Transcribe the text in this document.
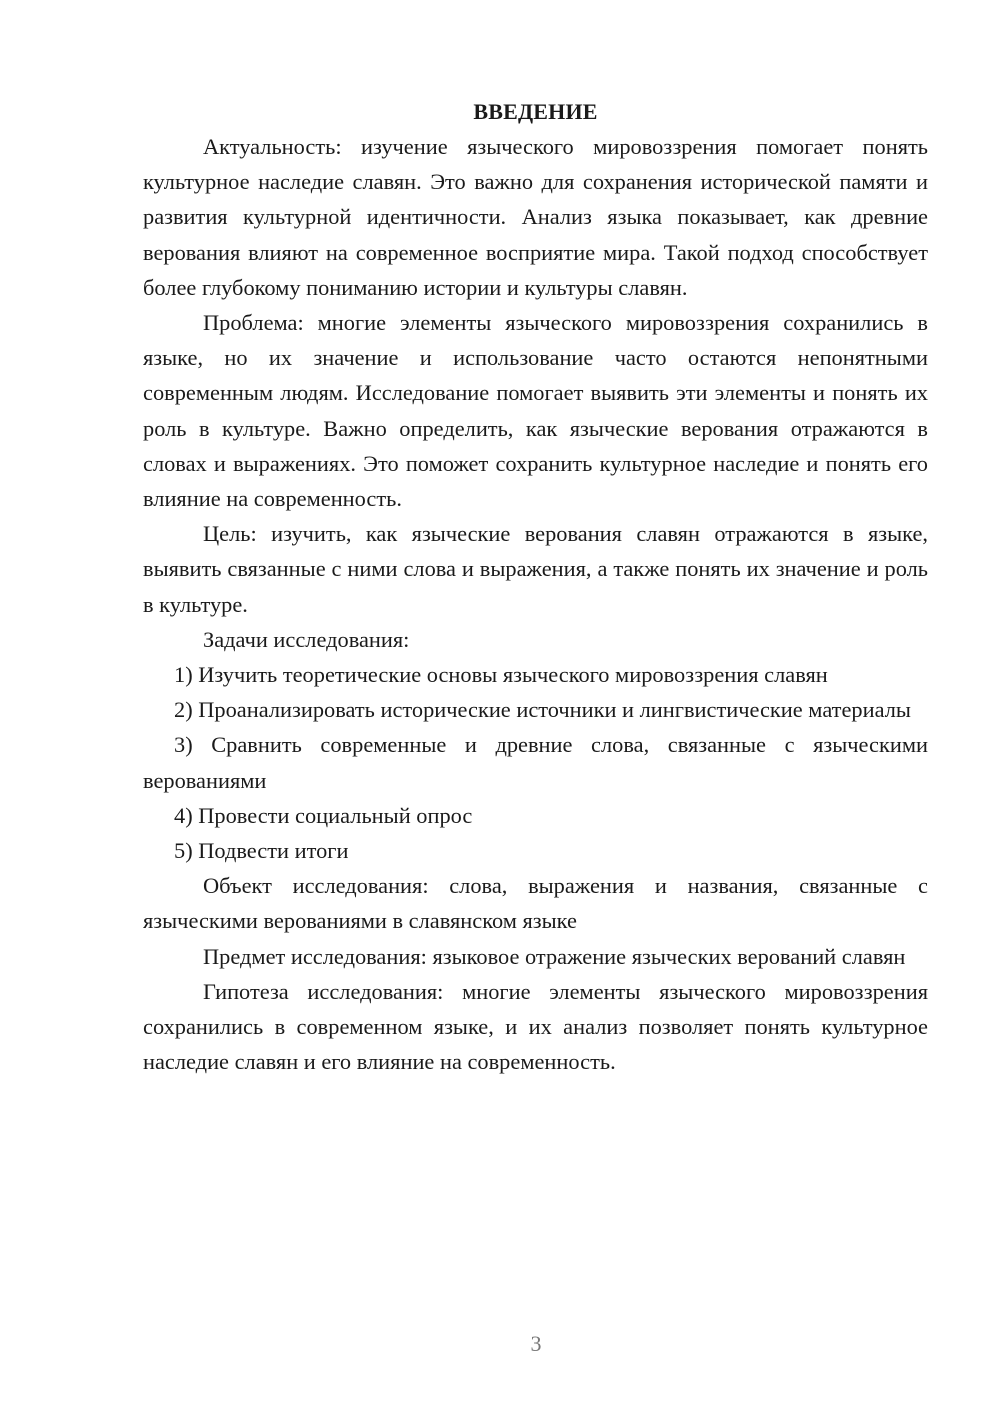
ВВЕДЕНИЕ

Актуальность: изучение языческого мировоззрения помогает понять культурное наследие славян. Это важно для сохранения исторической памяти и развития культурной идентичности. Анализ языка показывает, как древние верования влияют на современное восприятие мира. Такой подход способствует более глубокому пониманию истории и культуры славян.

Проблема: многие элементы языческого мировоззрения сохранились в языке, но их значение и использование часто остаются непонятными современным людям. Исследование помогает выявить эти элементы и понять их роль в культуре. Важно определить, как языческие верования отражаются в словах и выражениях. Это поможет сохранить культурное наследие и понять его влияние на современность.

Цель: изучить, как языческие верования славян отражаются в языке, выявить связанные с ними слова и выражения, а также понять их значение и роль в культуре.

Задачи исследования:

1) Изучить теоретические основы языческого мировоззрения славян

2) Проанализировать исторические источники и лингвистические материалы

3) Сравнить современные и древние слова, связанные с языческими верованиями

4) Провести социальный опрос

5) Подвести итоги

Объект исследования: слова, выражения и названия, связанные с языческими верованиями в славянском языке

Предмет исследования: языковое отражение языческих верований славян

Гипотеза исследования: многие элементы языческого мировоззрения сохранились в современном языке, и их анализ позволяет понять культурное наследие славян и его влияние на современность.

3
